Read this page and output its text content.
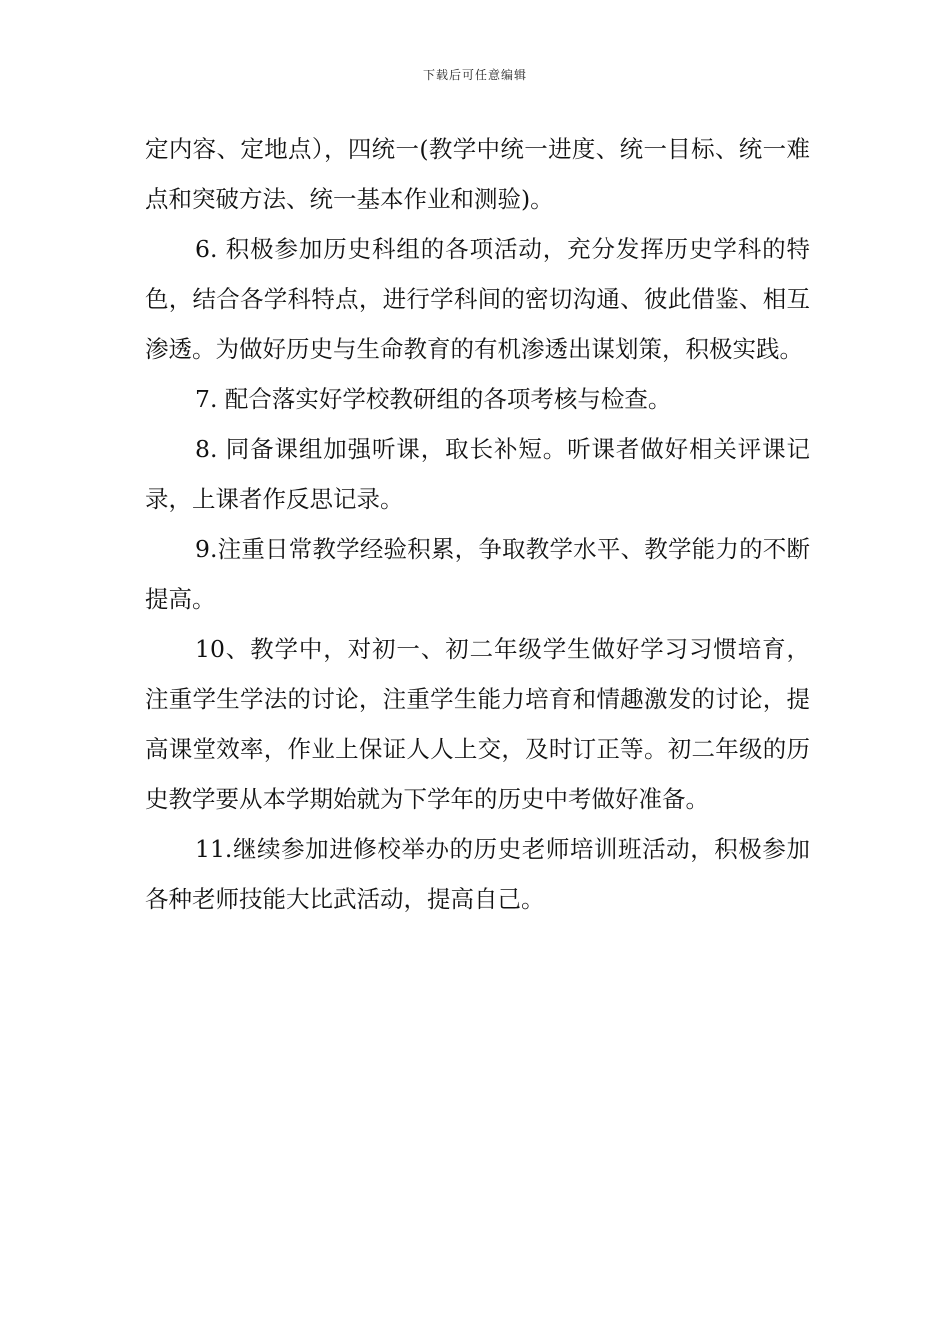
下载后可任意编辑

定内容、定地点），四统一(教学中统一进度、统一目标、统一难点和突破方法、统一基本作业和测验)。

6. 积极参加历史科组的各项活动，充分发挥历史学科的特色，结合各学科特点，进行学科间的密切沟通、彼此借鉴、相互渗透。为做好历史与生命教育的有机渗透出谋划策，积极实践。

7. 配合落实好学校教研组的各项考核与检查。

8. 同备课组加强听课，取长补短。听课者做好相关评课记录，上课者作反思记录。

9.注重日常教学经验积累，争取教学水平、教学能力的不断提高。

10、教学中，对初一、初二年级学生做好学习习惯培育，注重学生学法的讨论，注重学生能力培育和情趣激发的讨论，提高课堂效率，作业上保证人人上交，及时订正等。初二年级的历史教学要从本学期始就为下学年的历史中考做好准备。

11.继续参加进修校举办的历史老师培训班活动，积极参加各种老师技能大比武活动，提高自己。
